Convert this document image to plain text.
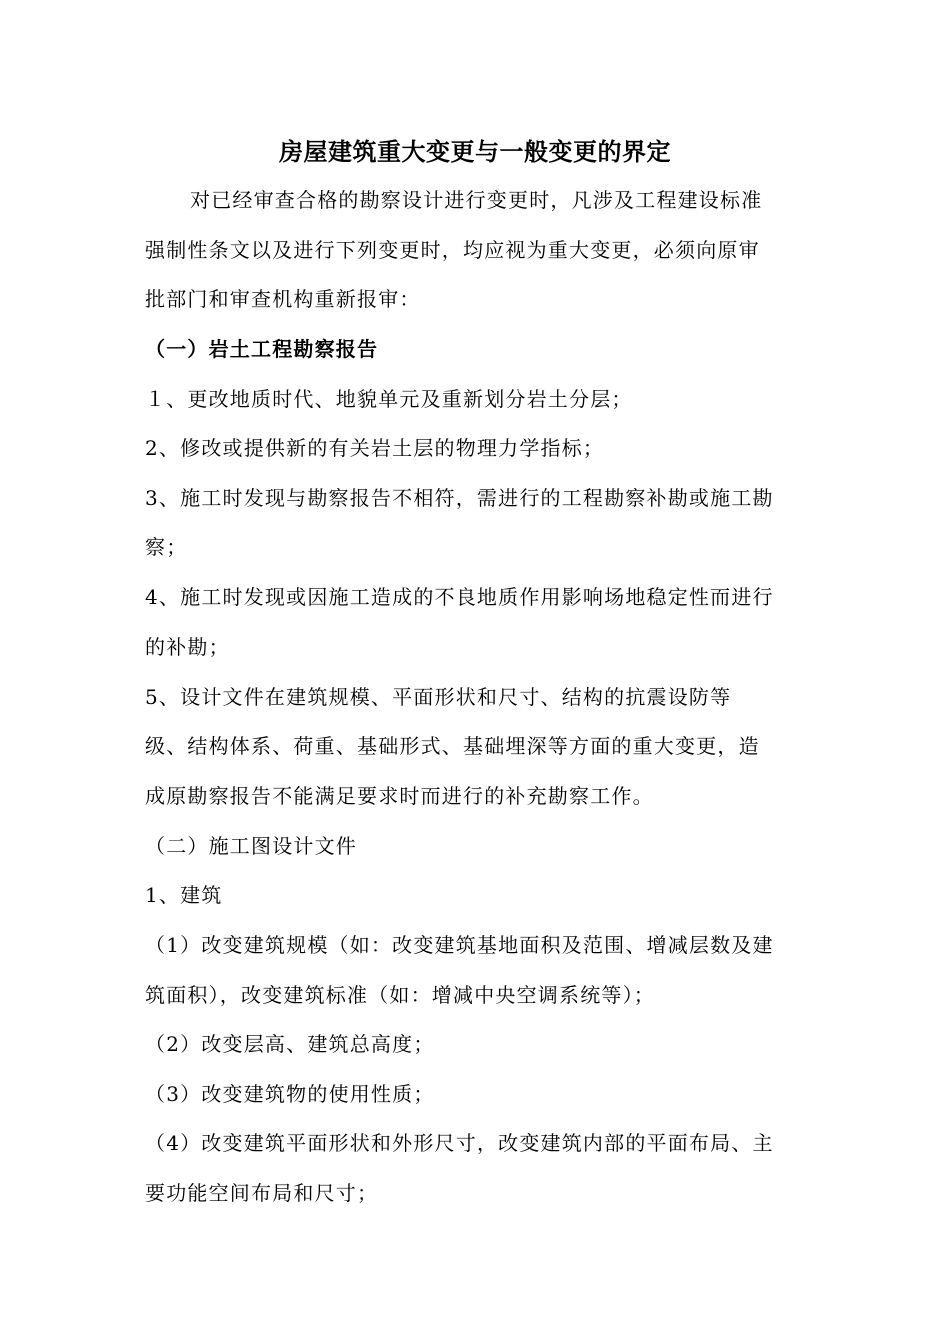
房屋建筑重大变更与一般变更的界定
对已经审查合格的勘察设计进行变更时，凡涉及工程建设标准
强制性条文以及进行下列变更时，均应视为重大变更，必须向原审
批部门和审查机构重新报审：
（一）岩土工程勘察报告
１、更改地质时代、地貌单元及重新划分岩土分层；
2、修改或提供新的有关岩土层的物理力学指标；
3、施工时发现与勘察报告不相符，需进行的工程勘察补勘或施工勘
察；
4、施工时发现或因施工造成的不良地质作用影响场地稳定性而进行
的补勘；
5、设计文件在建筑规模、平面形状和尺寸、结构的抗震设防等
级、结构体系、荷重、基础形式、基础埋深等方面的重大变更，造
成原勘察报告不能满足要求时而进行的补充勘察工作。
（二）施工图设计文件
1、建筑
（1）改变建筑规模（如：改变建筑基地面积及范围、增减层数及建
筑面积），改变建筑标准（如：增减中央空调系统等）；
（2）改变层高、建筑总高度；
（3）改变建筑物的使用性质；
（4）改变建筑平面形状和外形尺寸，改变建筑内部的平面布局、主
要功能空间布局和尺寸；
